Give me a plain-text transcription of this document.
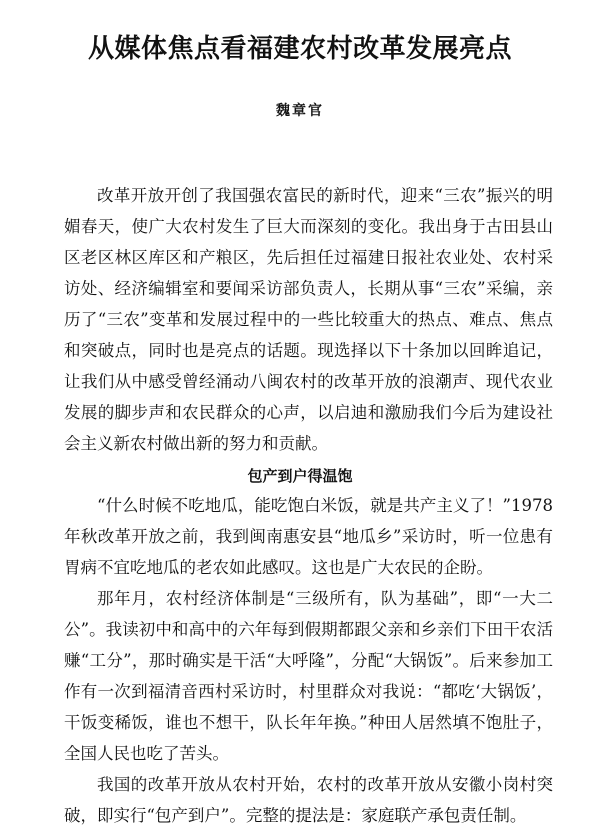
从媒体焦点看福建农村改革发展亮点
魏章官

改革开放开创了我国强农富民的新时代，迎来“三农”振兴的明媚春天，使广大农村发生了巨大而深刻的变化。我出身于古田县山区老区林区库区和产粮区，先后担任过福建日报社农业处、农村采访处、经济编辑室和要闻采访部负责人，长期从事“三农”采编，亲历了“三农”变革和发展过程中的一些比较重大的热点、难点、焦点和突破点，同时也是亮点的话题。现选择以下十条加以回眸追记，让我们从中感受曾经涌动八闽农村的改革开放的浪潮声、现代农业发展的脚步声和农民群众的心声，以启迪和激励我们今后为建设社会主义新农村做出新的努力和贡献。

包产到户得温饱

“什么时候不吃地瓜，能吃饱白米饭，就是共产主义了！”1978年秋改革开放之前，我到闽南惠安县“地瓜乡”采访时，听一位患有胃病不宜吃地瓜的老农如此感叹。这也是广大农民的企盼。

那年月，农村经济体制是“三级所有，队为基础”，即“一大二公”。我读初中和高中的六年每到假期都跟父亲和乡亲们下田干农活赚“工分”，那时确实是干活“大呼隆”，分配“大锅饭”。后来参加工作有一次到福清音西村采访时，村里群众对我说：“都吃‘大锅饭’，干饭变稀饭，谁也不想干，队长年年换。”种田人居然填不饱肚子，全国人民也吃了苦头。

我国的改革开放从农村开始，农村的改革开放从安徽小岗村突破，即实行“包产到户”。完整的提法是：家庭联产承包责任制。
